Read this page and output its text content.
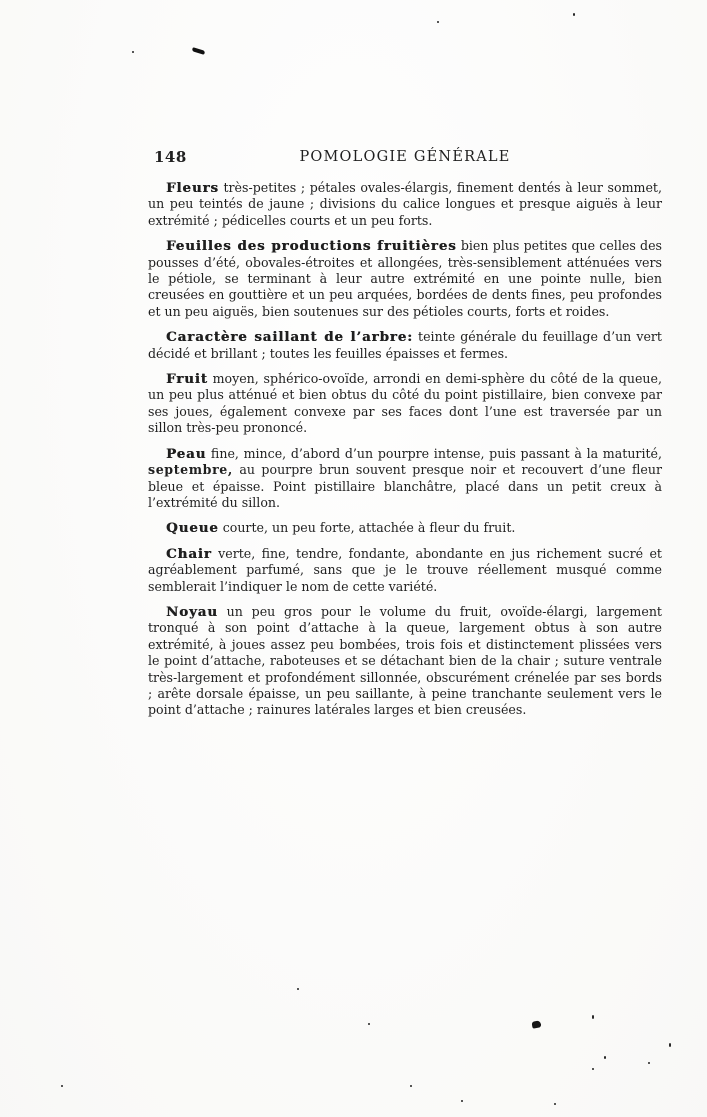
148	POMOLOGIE GÉNÉRALE

Fleurs très-petites ; pétales ovales-élargis, finement dentés à leur sommet, un peu teintés de jaune ; divisions du calice longues et presque aiguës à leur extrémité ; pédicelles courts et un peu forts.

Feuilles des productions fruitières bien plus petites que celles des pousses d’été, obovales-étroites et allongées, très-sensiblement atténuées vers le pétiole, se terminant à leur autre extrémité en une pointe nulle, bien creusées en gouttière et un peu arquées, bordées de dents fines, peu profondes et un peu aiguës, bien soutenues sur des pétioles courts, forts et roides.

Caractère saillant de l’arbre: teinte générale du feuillage d’un vert décidé et brillant ; toutes les feuilles épaisses et fermes.

Fruit moyen, sphérico-ovoïde, arrondi en demi-sphère du côté de la queue, un peu plus atténué et bien obtus du côté du point pistillaire, bien convexe par ses joues, également convexe par ses faces dont l’une est traversée par un sillon très-peu prononcé.

Peau fine, mince, d’abord d’un pourpre intense, puis passant à la maturité, septembre, au pourpre brun souvent presque noir et recouvert d’une fleur bleue et épaisse. Point pistillaire blanchâtre, placé dans un petit creux à l’extrémité du sillon.

Queue courte, un peu forte, attachée à fleur du fruit.

Chair verte, fine, tendre, fondante, abondante en jus richement sucré et agréablement parfumé, sans que je le trouve réellement musqué comme semblerait l’indiquer le nom de cette variété.

Noyau un peu gros pour le volume du fruit, ovoïde-élargi, largement tronqué à son point d’attache à la queue, largement obtus à son autre extrémité, à joues assez peu bombées, trois fois et distinctement plissées vers le point d’attache, raboteuses et se détachant bien de la chair ; suture ventrale très-largement et profondément sillonnée, obscurément crénelée par ses bords ; arête dorsale épaisse, un peu saillante, à peine tranchante seulement vers le point d’attache ; rainures latérales larges et bien creusées.
